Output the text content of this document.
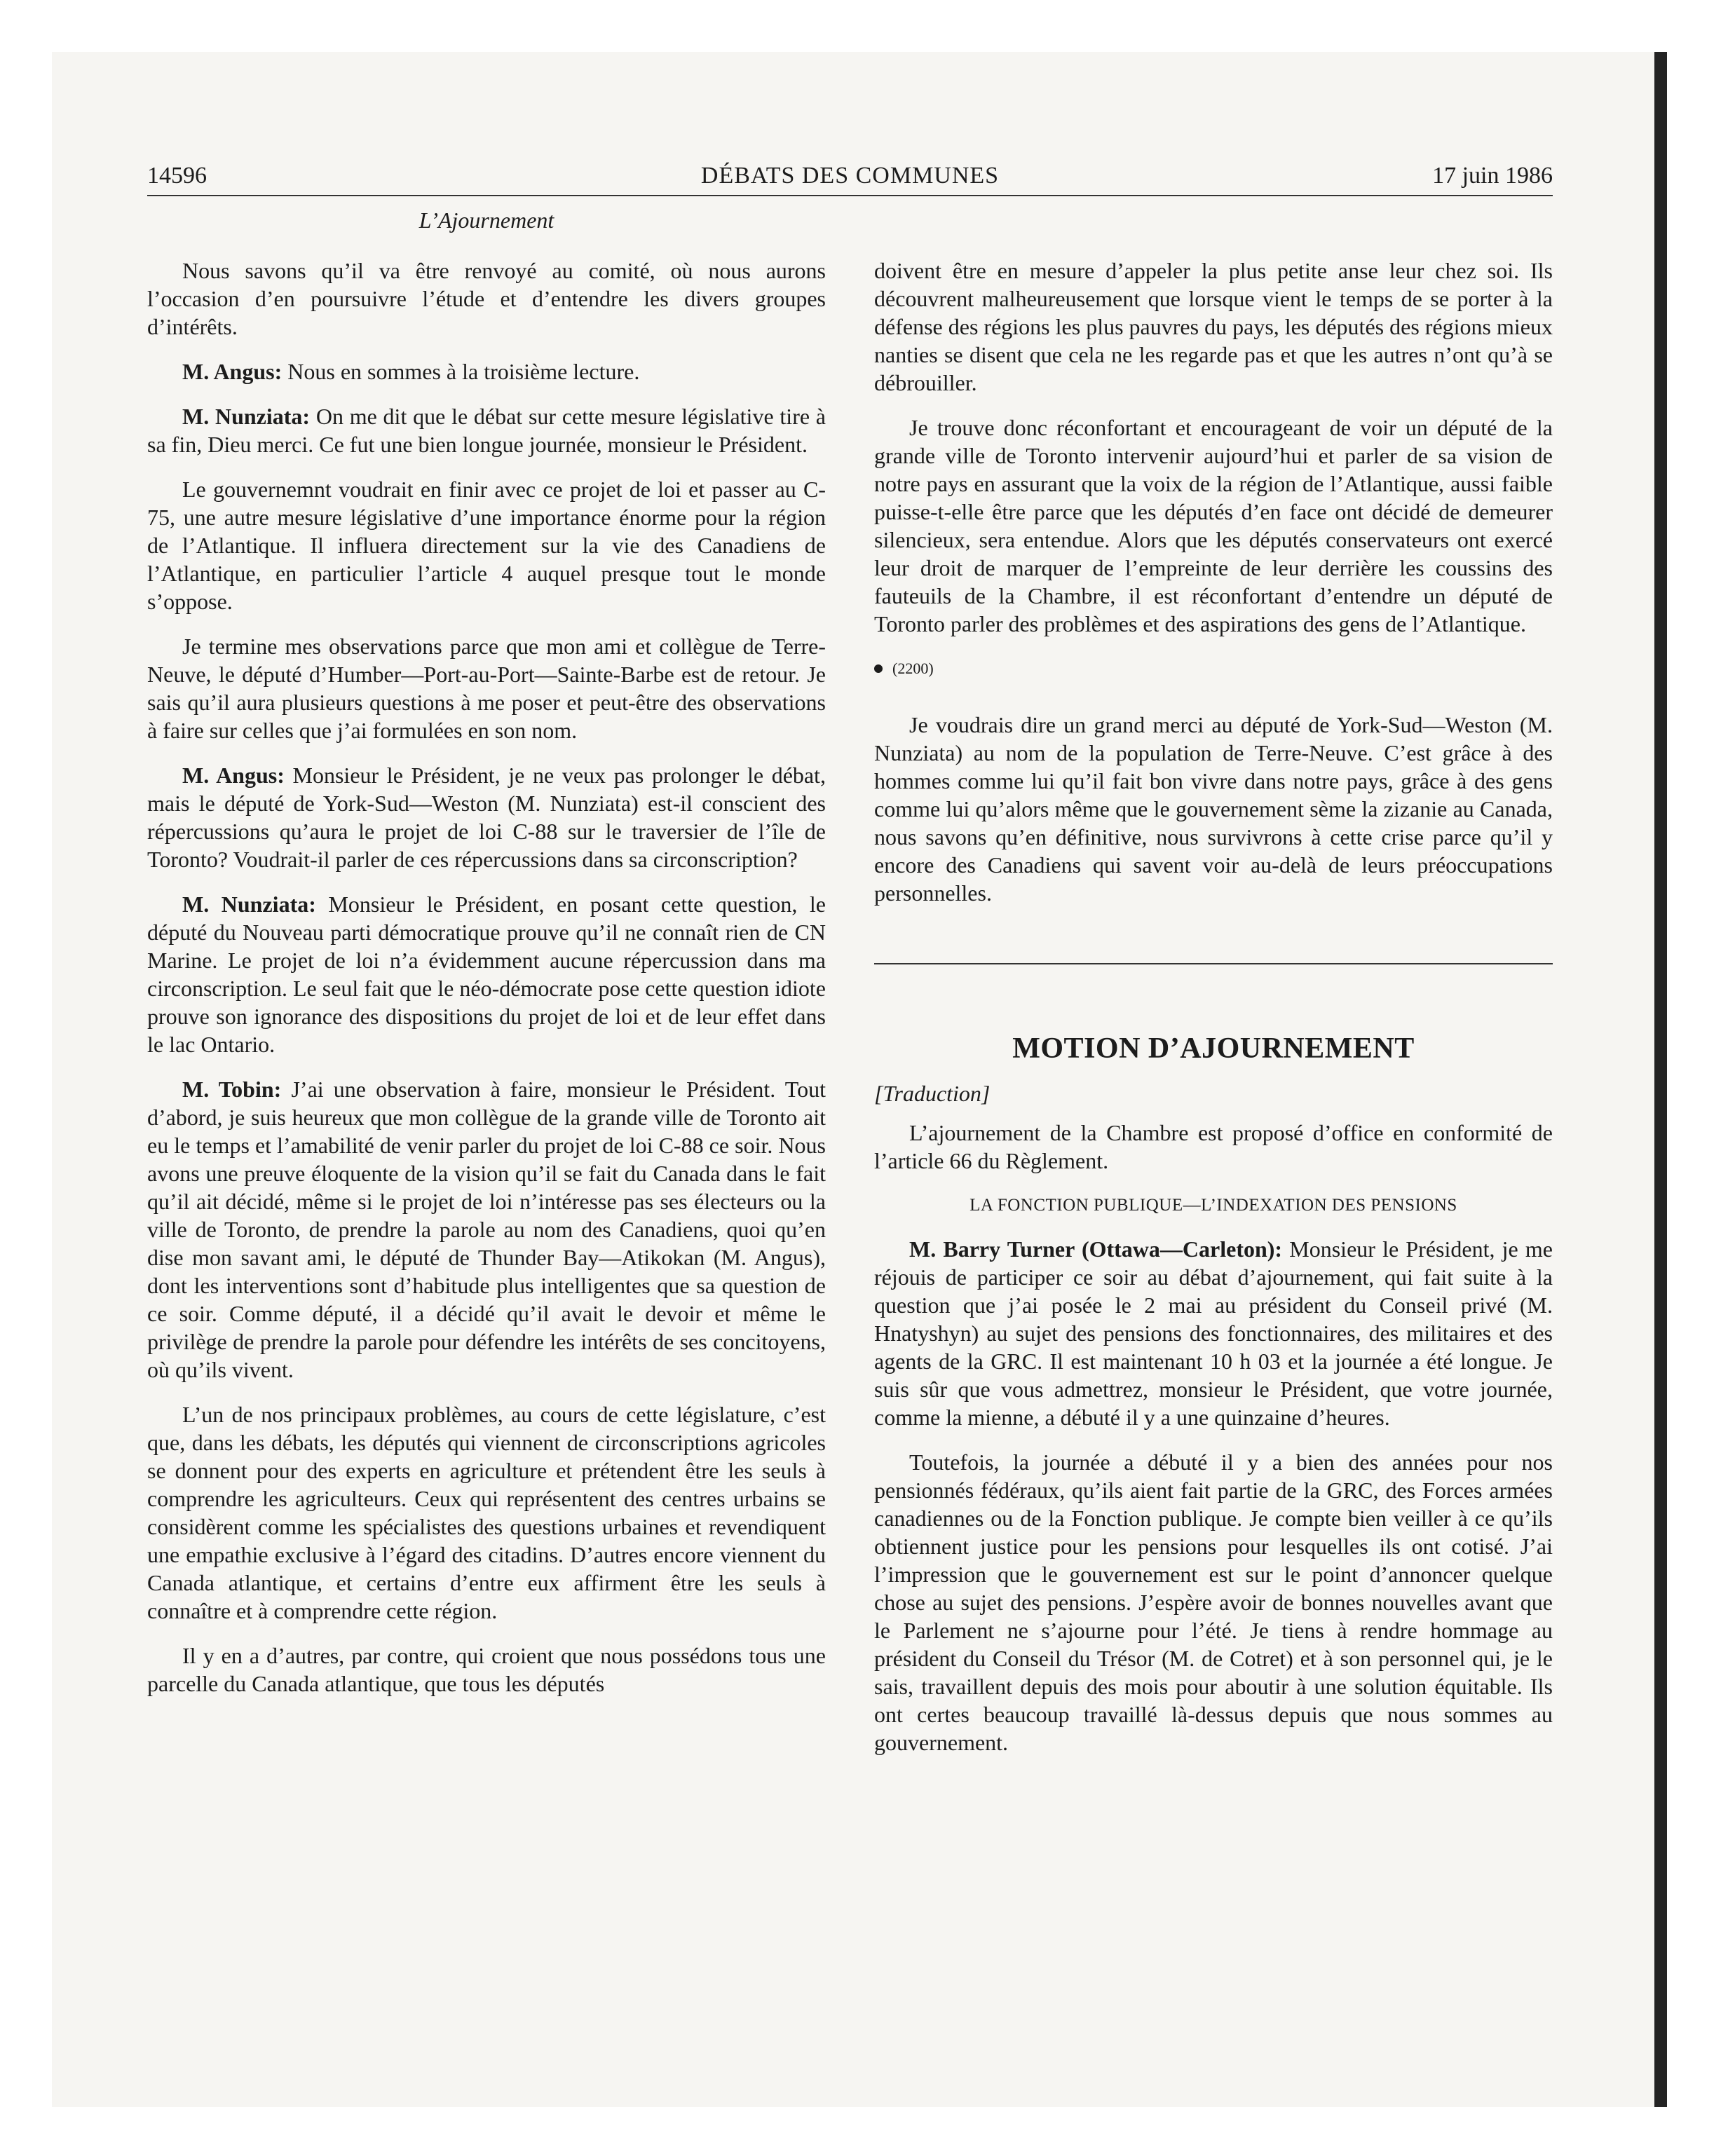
14596	DÉBATS DES COMMUNES	17 juin 1986
L’Ajournement

Nous savons qu’il va être renvoyé au comité, où nous aurons l’occasion d’en poursuivre l’étude et d’entendre les divers groupes d’intérêts.

M. Angus: Nous en sommes à la troisième lecture.

M. Nunziata: On me dit que le débat sur cette mesure législative tire à sa fin, Dieu merci. Ce fut une bien longue journée, monsieur le Président.

Le gouvernemnt voudrait en finir avec ce projet de loi et passer au C-75, une autre mesure législative d’une importance énorme pour la région de l’Atlantique. Il influera directement sur la vie des Canadiens de l’Atlantique, en particulier l’article 4 auquel presque tout le monde s’oppose.

Je termine mes observations parce que mon ami et collègue de Terre-Neuve, le député d’Humber—Port-au-Port—Sainte-Barbe est de retour. Je sais qu’il aura plusieurs questions à me poser et peut-être des observations à faire sur celles que j’ai formulées en son nom.

M. Angus: Monsieur le Président, je ne veux pas prolonger le débat, mais le député de York-Sud—Weston (M. Nunziata) est-il conscient des répercussions qu’aura le projet de loi C-88 sur le traversier de l’île de Toronto? Voudrait-il parler de ces répercussions dans sa circonscription?

M. Nunziata: Monsieur le Président, en posant cette question, le député du Nouveau parti démocratique prouve qu’il ne connaît rien de CN Marine. Le projet de loi n’a évidemment aucune répercussion dans ma circonscription. Le seul fait que le néo-démocrate pose cette question idiote prouve son ignorance des dispositions du projet de loi et de leur effet dans le lac Ontario.

M. Tobin: J’ai une observation à faire, monsieur le Président. Tout d’abord, je suis heureux que mon collègue de la grande ville de Toronto ait eu le temps et l’amabilité de venir parler du projet de loi C-88 ce soir. Nous avons une preuve éloquente de la vision qu’il se fait du Canada dans le fait qu’il ait décidé, même si le projet de loi n’intéresse pas ses électeurs ou la ville de Toronto, de prendre la parole au nom des Canadiens, quoi qu’en dise mon savant ami, le député de Thunder Bay—Atikokan (M. Angus), dont les interventions sont d’habitude plus intelligentes que sa question de ce soir. Comme député, il a décidé qu’il avait le devoir et même le privilège de prendre la parole pour défendre les intérêts de ses concitoyens, où qu’ils vivent.

L’un de nos principaux problèmes, au cours de cette législature, c’est que, dans les débats, les députés qui viennent de circonscriptions agricoles se donnent pour des experts en agriculture et prétendent être les seuls à comprendre les agriculteurs. Ceux qui représentent des centres urbains se considèrent comme les spécialistes des questions urbaines et revendiquent une empathie exclusive à l’égard des citadins. D’autres encore viennent du Canada atlantique, et certains d’entre eux affirment être les seuls à connaître et à comprendre cette région.

Il y en a d’autres, par contre, qui croient que nous possédons tous une parcelle du Canada atlantique, que tous les députés

doivent être en mesure d’appeler la plus petite anse leur chez soi. Ils découvrent malheureusement que lorsque vient le temps de se porter à la défense des régions les plus pauvres du pays, les députés des régions mieux nanties se disent que cela ne les regarde pas et que les autres n’ont qu’à se débrouiller.

Je trouve donc réconfortant et encourageant de voir un député de la grande ville de Toronto intervenir aujourd’hui et parler de sa vision de notre pays en assurant que la voix de la région de l’Atlantique, aussi faible puisse-t-elle être parce que les députés d’en face ont décidé de demeurer silencieux, sera entendue. Alors que les députés conservateurs ont exercé leur droit de marquer de l’empreinte de leur derrière les coussins des fauteuils de la Chambre, il est réconfortant d’entendre un député de Toronto parler des problèmes et des aspirations des gens de l’Atlantique.

(2200)

Je voudrais dire un grand merci au député de York-Sud—Weston (M. Nunziata) au nom de la population de Terre-Neuve. C’est grâce à des hommes comme lui qu’il fait bon vivre dans notre pays, grâce à des gens comme lui qu’alors même que le gouvernement sème la zizanie au Canada, nous savons qu’en définitive, nous survivrons à cette crise parce qu’il y encore des Canadiens qui savent voir au-delà de leurs préoccupations personnelles.

MOTION D’AJOURNEMENT
[Traduction]

L’ajournement de la Chambre est proposé d’office en conformité de l’article 66 du Règlement.

LA FONCTION PUBLIQUE—L’INDEXATION DES PENSIONS

M. Barry Turner (Ottawa—Carleton): Monsieur le Président, je me réjouis de participer ce soir au débat d’ajournement, qui fait suite à la question que j’ai posée le 2 mai au président du Conseil privé (M. Hnatyshyn) au sujet des pensions des fonctionnaires, des militaires et des agents de la GRC. Il est maintenant 10 h 03 et la journée a été longue. Je suis sûr que vous admettrez, monsieur le Président, que votre journée, comme la mienne, a débuté il y a une quinzaine d’heures.

Toutefois, la journée a débuté il y a bien des années pour nos pensionnés fédéraux, qu’ils aient fait partie de la GRC, des Forces armées canadiennes ou de la Fonction publique. Je compte bien veiller à ce qu’ils obtiennent justice pour les pensions pour lesquelles ils ont cotisé. J’ai l’impression que le gouvernement est sur le point d’annoncer quelque chose au sujet des pensions. J’espère avoir de bonnes nouvelles avant que le Parlement ne s’ajourne pour l’été. Je tiens à rendre hommage au président du Conseil du Trésor (M. de Cotret) et à son personnel qui, je le sais, travaillent depuis des mois pour aboutir à une solution équitable. Ils ont certes beaucoup travaillé là-dessus depuis que nous sommes au gouvernement.
